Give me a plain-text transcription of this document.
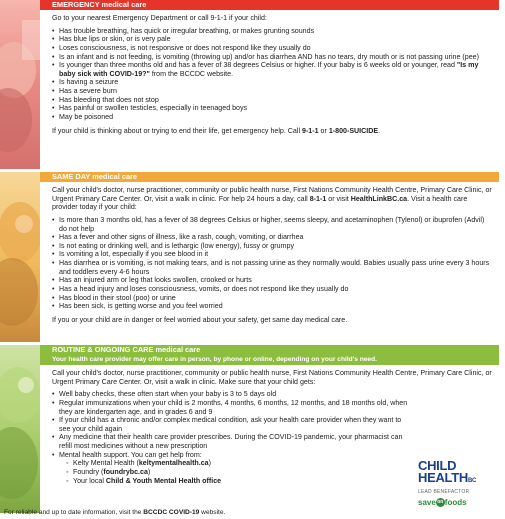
EMERGENCY medical care

Go to your nearest Emergency Department or call 9-1-1 if your child:

• Has trouble breathing, has quick or irregular breathing, or makes grunting sounds
• Has blue lips or skin, or is very pale
• Loses consciousness, is not responsive or does not respond like they usually do
• Is an infant and is not feeding, is vomiting (throwing up) and/or has diarrhea AND has no tears, dry mouth or is not passing urine (pee)
• Is younger than three months old and has a fever of 38 degrees Celsius or higher. If your baby is 6 weeks old or younger, read "Is my baby sick with COVID-19?" from the BCCDC website.
• Is having a seizure
• Has a severe burn
• Has bleeding that does not stop
• Has painful or swollen testicles, especially in teenaged boys
• May be poisoned

If your child is thinking about or trying to end their life, get emergency help. Call 9-1-1 or 1-800-SUICIDE.

SAME DAY medical care

Call your child's doctor, nurse practitioner, community or public health nurse, First Nations Community Health Centre, Primary Care Clinic, or Urgent Primary Care Center. Or, visit a walk in clinic. For help 24 hours a day, call 8-1-1 or visit HealthLinkBC.ca. Visit a health care provider today if your child:

• Is more than 3 months old, has a fever of 38 degrees Celsius or higher, seems sleepy, and acetaminophen (Tylenol) or ibuprofen (Advil) do not help
• Has a fever and other signs of illness, like a rash, cough, vomiting, or diarrhea
• Is not eating or drinking well, and is lethargic (low energy), fussy or grumpy
• Is vomiting a lot, especially if you see blood in it
• Has diarrhea or is vomiting, is not making tears, and is not passing urine as they normally would. Babies usually pass urine every 3 hours and toddlers every 4-6 hours
• Has an injured arm or leg that looks swollen, crooked or hurts
• Has a head injury and loses consciousness, vomits, or does not respond like they usually do
• Has blood in their stool (poo) or urine
• Has been sick, is getting worse and you feel worried

If you or your child are in danger or feel worried about your safety, get same day medical care.

ROUTINE & ONGOING CARE medical care
Your health care provider may offer care in person, by phone or online, depending on your child's need.

Call your child's doctor, nurse practitioner, community or public health nurse, First Nations Community Health Centre, Primary Care Clinic, or Urgent Primary Care Center. Or, visit a walk in clinic. Make sure that your child gets:

• Well baby checks, these often start when your baby is 3 to 5 days old
• Regular immunizations when your child is 2 months, 4 months, 6 months, 12 months, and 18 months old, when they are kindergarten age, and in grades 6 and 9
• If your child has a chronic and/or complex medical condition, ask your health care provider when they want to see your child again
• Any medicine that their health care provider prescribes. During the COVID-19 pandemic, your pharmacist can refill most medicines without a new prescription
• Mental health support. You can get help from:
◦ Kelty Mental Health (keltymentalhealth.ca)
◦ Foundry (foundrybc.ca)
◦ Your local Child & Youth Mental Health office
For reliable and up to date information, visit the BCCDC COVID-19 website.
CHILD
HEALTHBC
LEAD BENEFACTOR
saveonfoods
